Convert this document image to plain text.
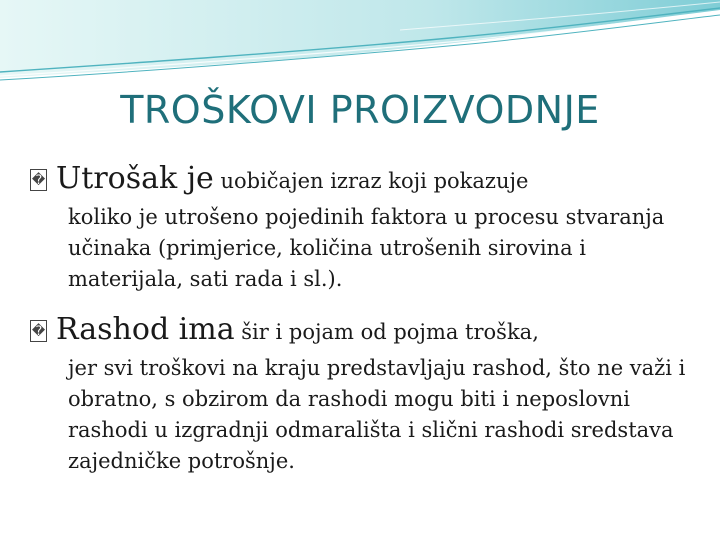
TROŠKOVI PROIZVODNJE
� Utrošak je uobičajen izraz koji pokazuje
koliko je utrošeno pojedinih faktora u procesu stvaranja učinaka (primjerice, količina utrošenih sirovina i materijala, sati rada i sl.).
� Rashod ima šir i pojam od pojma troška,
jer svi troškovi na kraju predstavljaju rashod, što ne važi i obratno, s obzirom da rashodi mogu biti i neposlovni rashodi u izgradnji odmarališta i slični rashodi sredstava zajedničke potrošnje.
